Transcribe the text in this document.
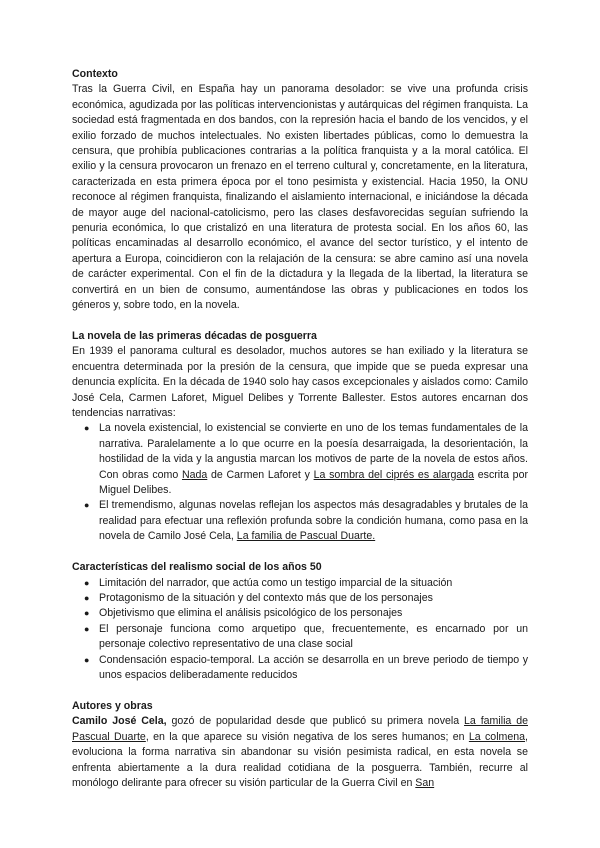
Contexto

Tras la Guerra Civil, en España hay un panorama desolador: se vive una profunda crisis económica, agudizada por las políticas intervencionistas y autárquicas del régimen franquista. La sociedad está fragmentada en dos bandos, con la represión hacia el bando de los vencidos, y el exilio forzado de muchos intelectuales. No existen libertades públicas, como lo demuestra la censura, que prohibía publicaciones contrarias a la política franquista y a la moral católica. El exilio y la censura provocaron un frenazo en el terreno cultural y, concretamente, en la literatura, caracterizada en esta primera época por el tono pesimista y existencial. Hacia 1950, la ONU reconoce al régimen franquista, finalizando el aislamiento internacional, e iniciándose la década de mayor auge del nacional-catolicismo, pero las clases desfavorecidas seguían sufriendo la penuria económica, lo que cristalizó en una literatura de protesta social. En los años 60, las políticas encaminadas al desarrollo económico, el avance del sector turístico, y el intento de apertura a Europa, coincidieron con la relajación de la censura: se abre camino así una novela de carácter experimental. Con el fin de la dictadura y la llegada de la libertad, la literatura se convertirá en un bien de consumo, aumentándose las obras y publicaciones en todos los géneros y, sobre todo, en la novela.

La novela de las primeras décadas de posguerra

En 1939 el panorama cultural es desolador, muchos autores se han exiliado y la literatura se encuentra determinada por la presión de la censura, que impide que se pueda expresar una denuncia explícita. En la década de 1940 solo hay casos excepcionales y aislados como: Camilo José Cela, Carmen Laforet, Miguel Delibes y Torrente Ballester. Estos autores encarnan dos tendencias narrativas:

● La novela existencial, lo existencial se convierte en uno de los temas fundamentales de la narrativa. Paralelamente a lo que ocurre en la poesía desarraigada, la desorientación, la hostilidad de la vida y la angustia marcan los motivos de parte de la novela de estos años. Con obras como Nada de Carmen Laforet y La sombra del ciprés es alargada escrita por Miguel Delibes.
● El tremendismo, algunas novelas reflejan los aspectos más desagradables y brutales de la realidad para efectuar una reflexión profunda sobre la condición humana, como pasa en la novela de Camilo José Cela, La familia de Pascual Duarte.

Características del realismo social de los años 50

● Limitación del narrador, que actúa como un testigo imparcial de la situación
● Protagonismo de la situación y del contexto más que de los personajes
● Objetivismo que elimina el análisis psicológico de los personajes
● El personaje funciona como arquetipo que, frecuentemente, es encarnado por un personaje colectivo representativo de una clase social
● Condensación espacio-temporal. La acción se desarrolla en un breve periodo de tiempo y unos espacios deliberadamente reducidos

Autores y obras

Camilo José Cela, gozó de popularidad desde que publicó su primera novela La familia de Pascual Duarte, en la que aparece su visión negativa de los seres humanos; en La colmena, evoluciona la forma narrativa sin abandonar su visión pesimista radical, en esta novela se enfrenta abiertamente a la dura realidad cotidiana de la posguerra. También, recurre al monólogo delirante para ofrecer su visión particular de la Guerra Civil en San
